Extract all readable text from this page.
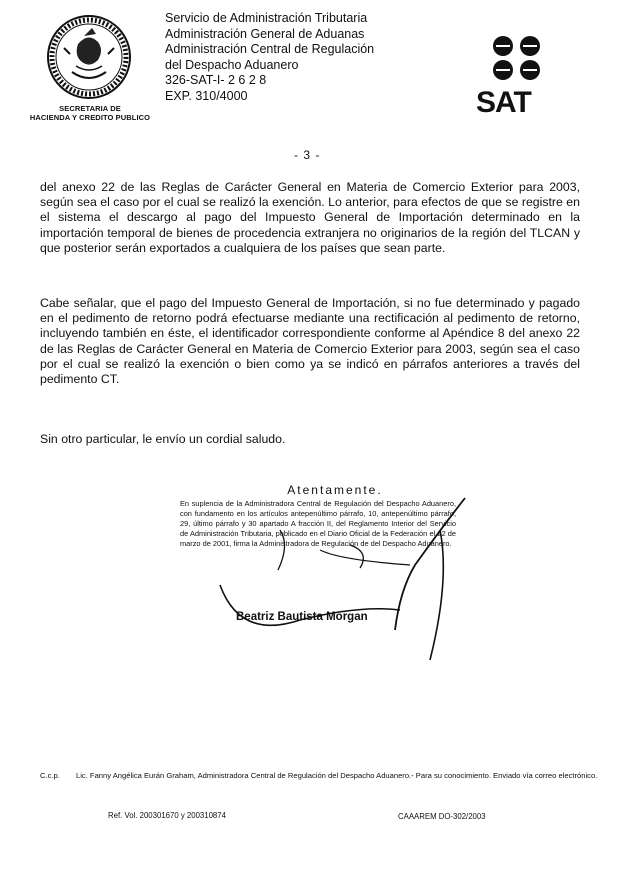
SECRETARIA DE
HACIENDA Y CREDITO PUBLICO
Servicio de Administración Tributaria
Administración General de Aduanas
Administración Central de Regulación
del Despacho Aduanero
326-SAT-I- 2 6 2 8
EXP. 310/4000	SAT
- 3 -
del anexo 22 de las Reglas de Carácter General en Materia de Comercio Exterior para 2003, según sea el caso por el cual se realizó la exención. Lo anterior, para efectos de que se registre en el sistema el descargo al pago del Impuesto General de Importación determinado en la importación temporal de bienes de procedencia extranjera no originarios de la región del TLCAN y que posterior serán exportados a cualquiera de los países que sean parte.
Cabe señalar, que el pago del Impuesto General de Importación, si no fue determinado y pagado en el pedimento de retorno podrá efectuarse mediante una rectificación al pedimento de retorno, incluyendo también en éste, el identificador correspondiente conforme al Apéndice 8 del anexo 22 de las Reglas de Carácter General en Materia de Comercio Exterior para 2003, según sea el caso por el cual se realizó la exención o bien como ya se indicó en párrafos anteriores a través del pedimento CT.
Sin otro particular, le envío un cordial saludo.
Atentamente.
En suplencia de la Administradora Central de Regulación del Despacho Aduanero, con fundamento en los artículos antepenúltimo párrafo, 10, antepenúltimo párrafo, 29, último párrafo y 30 apartado A fracción II, del Reglamento Interior del Servicio de Administración Tributaria, publicado en el Diario Oficial de la Federación el 22 de marzo de 2001, firma la Administradora de Regulación de del Despacho Aduanero.
Beatriz Bautista Morgan
C.c.p. Lic. Fanny Angélica Eurán Graham, Administradora Central de Regulación del Despacho Aduanero.- Para su conocimiento. Enviado vía correo electrónico.
Ref. Vol. 200301670 y 200310874	CAAAREM DO-302/2003
